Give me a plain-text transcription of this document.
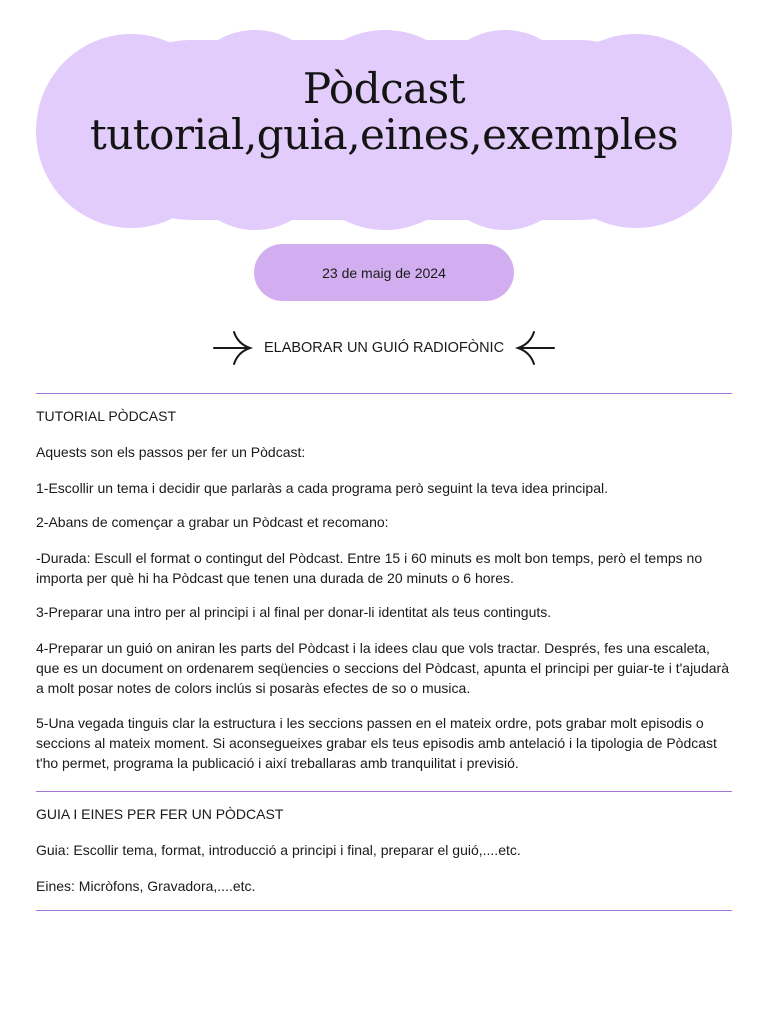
Pòdcast
tutorial,guia,eines,exemples
23 de maig de 2024
ELABORAR UN GUIÓ RADIOFÒNIC

TUTORIAL PÒDCAST

Aquests son els passos per fer un Pòdcast:

1-Escollir un tema i decidir que parlaràs a cada programa però seguint la teva idea principal.

2-Abans de començar a grabar un Pòdcast et recomano:

-Durada: Escull el format o contingut del Pòdcast. Entre 15 i 60 minuts es molt bon temps, però el temps no importa per què hi ha Pòdcast que tenen una durada de 20 minuts o 6 hores.

3-Preparar una intro per al principi i al final per donar-li identitat als teus continguts.

4-Preparar un guió on aniran les parts del Pòdcast i la idees clau que vols tractar. Després, fes una escaleta, que es un document on ordenarem seqüencies o seccions del Pòdcast, apunta el principi per guiar-te i t'ajudarà a molt posar notes de colors inclús si posaràs efectes de so o musica.

5-Una vegada tinguis clar la estructura i les seccions passen en el mateix ordre, pots grabar molt episodis o seccions al mateix moment. Si aconsegueixes grabar els teus episodis amb antelació i la tipologia de Pòdcast t'ho permet, programa la publicació i així treballaras amb tranquilitat i previsió.

GUIA I EINES PER FER UN PÒDCAST

Guia: Escollir tema, format, introducció a principi i final, preparar el guió,....etc.

Eines: Micròfons, Gravadora,....etc.
